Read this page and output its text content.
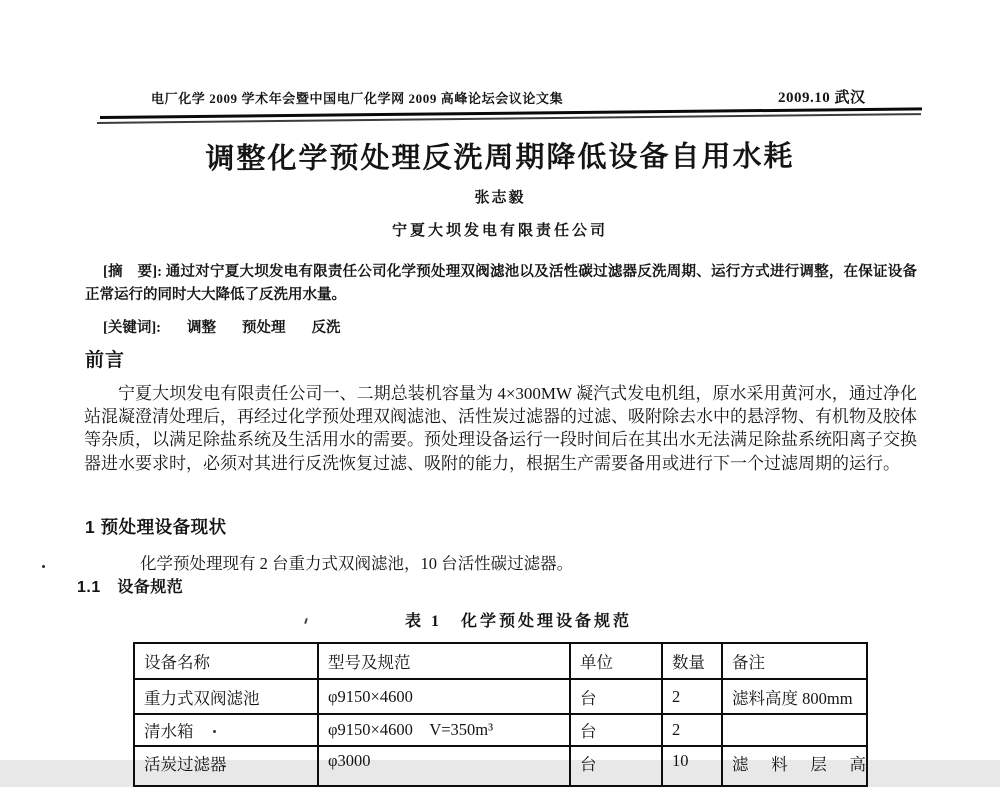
电厂化学 2009 学术年会暨中国电厂化学网 2009 高峰论坛会议论文集	2009.10 武汉
调整化学预处理反洗周期降低设备自用水耗
张志毅
宁夏大坝发电有限责任公司

[摘　要]: 通过对宁夏大坝发电有限责任公司化学预处理双阀滤池以及活性碳过滤器反洗周期、运行方式进行调整，在保证设备正常运行的同时大大降低了反洗用水量。

[关键词]: 调整 预处理 反洗

前言

宁夏大坝发电有限责任公司一、二期总装机容量为 4×300MW 凝汽式发电机组，原水采用黄河水，通过净化站混凝澄清处理后，再经过化学预处理双阀滤池、活性炭过滤器的过滤、吸附除去水中的悬浮物、有机物及胶体等杂质，以满足除盐系统及生活用水的需要。预处理设备运行一段时间后在其出水无法满足除盐系统阳离子交换器进水要求时，必须对其进行反洗恢复过滤、吸附的能力，根据生产需要备用或进行下一个过滤周期的运行。

1 预处理设备现状

化学预处理现有 2 台重力式双阀滤池，10 台活性碳过滤器。

1.1　设备规范
表 1　化学预处理设备规范
设备名称	型号及规范	单位	数量	备注
重力式双阀滤池	φ9150×4600	台	2	滤料高度 800mm
清水箱	φ9150×4600    V=350m³	台	2	
活炭过滤器	φ3000	台	10	滤 料 层 高
